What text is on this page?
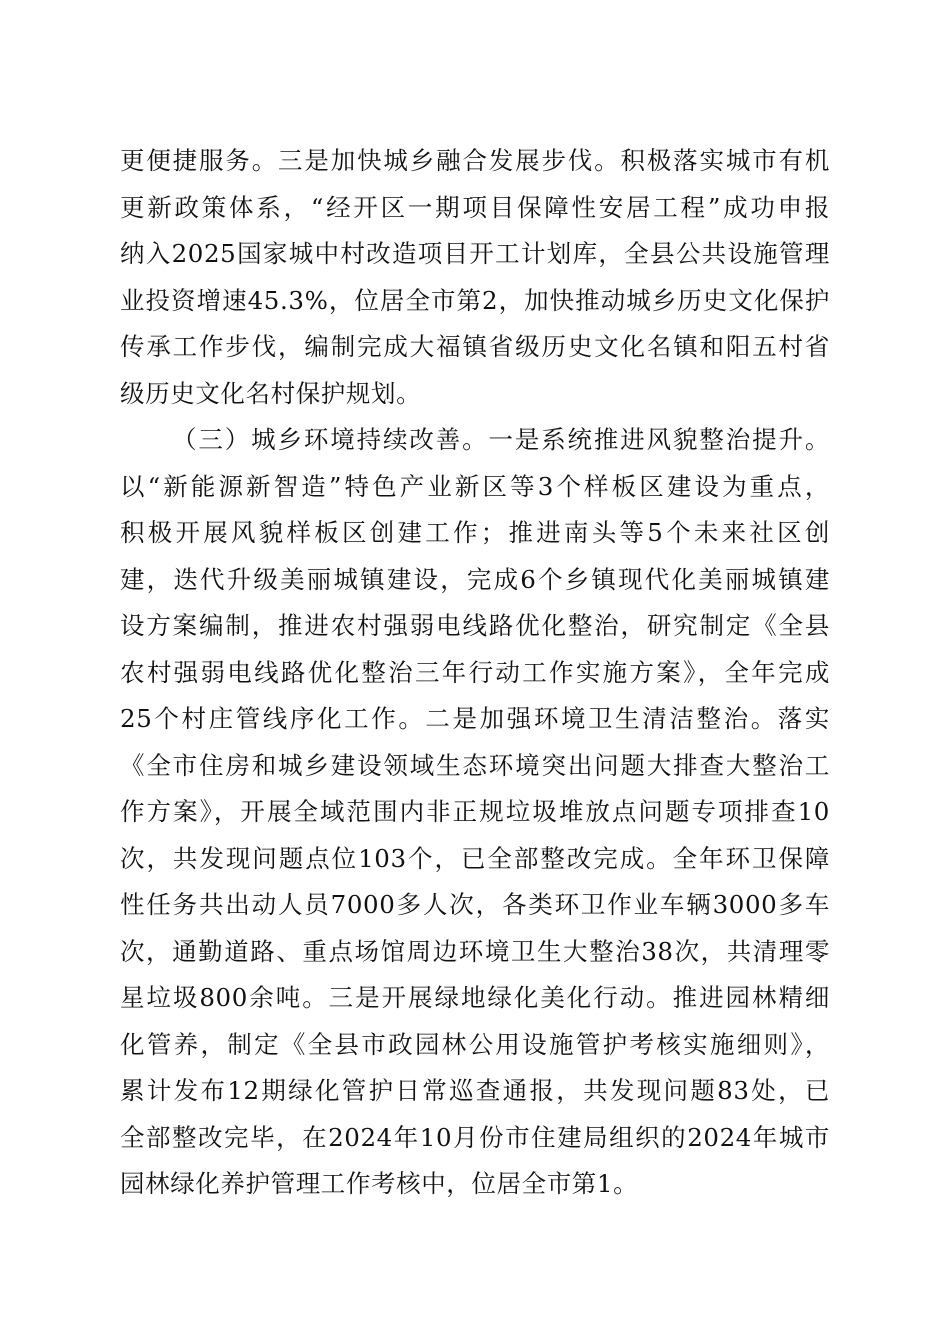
更便捷服务。三是加快城乡融合发展步伐。积极落实城市有机
更新政策体系，“经开区一期项目保障性安居工程”成功申报
纳入2025国家城中村改造项目开工计划库，全县公共设施管理
业投资增速45.3%，位居全市第2，加快推动城乡历史文化保护
传承工作步伐，编制完成大福镇省级历史文化名镇和阳五村省
级历史文化名村保护规划。
（三）城乡环境持续改善。一是系统推进风貌整治提升。
以“新能源新智造”特色产业新区等3个样板区建设为重点，
积极开展风貌样板区创建工作；推进南头等5个未来社区创
建，迭代升级美丽城镇建设，完成6个乡镇现代化美丽城镇建
设方案编制，推进农村强弱电线路优化整治，研究制定《全县
农村强弱电线路优化整治三年行动工作实施方案》，全年完成
25个村庄管线序化工作。二是加强环境卫生清洁整治。落实
《全市住房和城乡建设领域生态环境突出问题大排查大整治工
作方案》，开展全域范围内非正规垃圾堆放点问题专项排查10
次，共发现问题点位103个，已全部整改完成。全年环卫保障
性任务共出动人员7000多人次，各类环卫作业车辆3000多车
次，通勤道路、重点场馆周边环境卫生大整治38次，共清理零
星垃圾800余吨。三是开展绿地绿化美化行动。推进园林精细
化管养，制定《全县市政园林公用设施管护考核实施细则》，
累计发布12期绿化管护日常巡查通报，共发现问题83处，已
全部整改完毕，在2024年10月份市住建局组织的2024年城市
园林绿化养护管理工作考核中，位居全市第1。
